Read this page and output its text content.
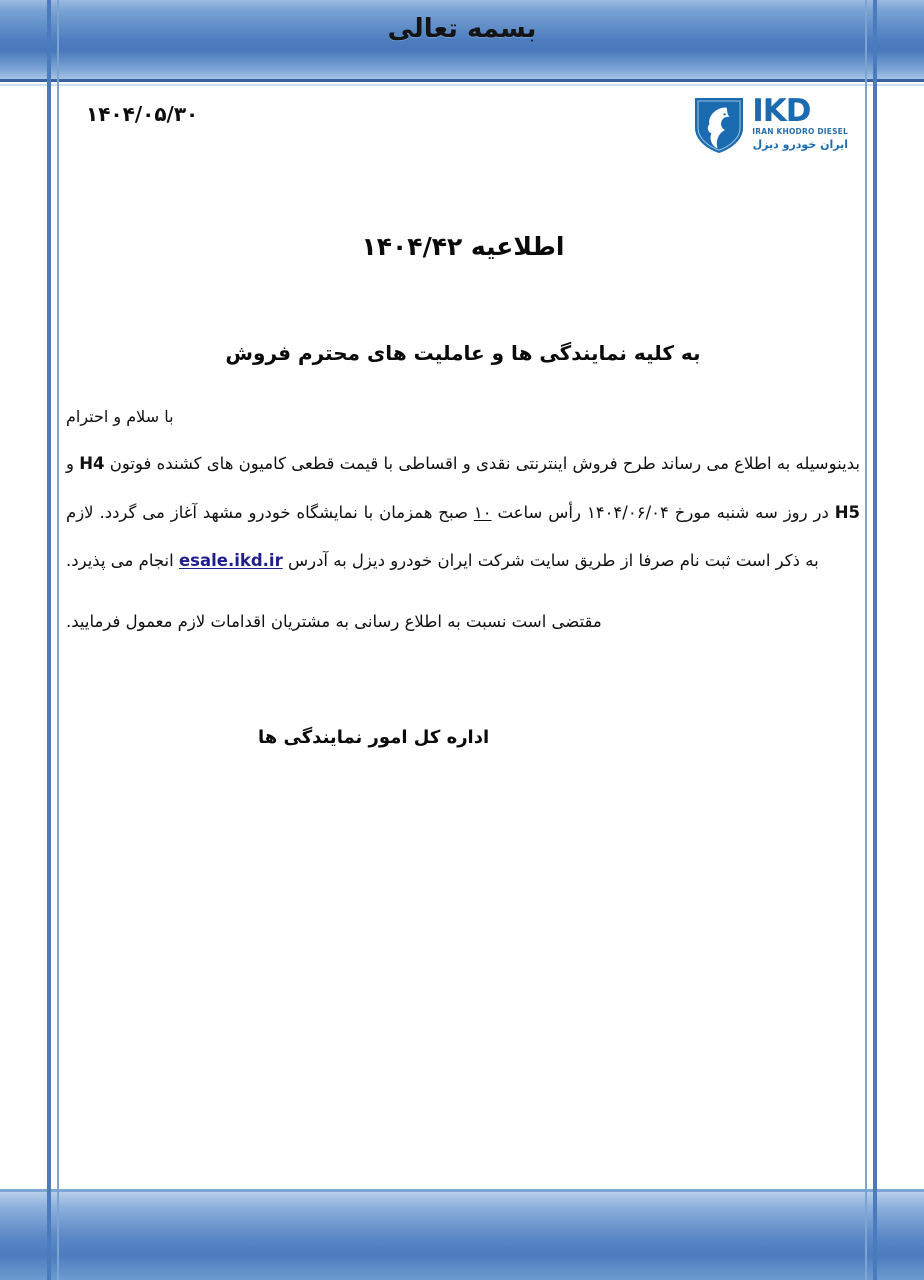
بسمه تعالی
۱۴۰۴/۰۵/۳۰	IKD
IRAN KHODRO DIESEL
ایران خودرو دیزل
اطلاعیه ۱۴۰۴/۴۲
به کلیه نمایندگی ها و عاملیت های محترم فروش

با سلام و احترام

بدینوسیله به اطلاع می رساند طرح فروش اینترنتی نقدی و اقساطی با قیمت قطعی کامیون های کشنده فوتون H4 و H5 در روز سه شنبه مورخ ۱۴۰۴/۰۶/۰۴ رأس ساعت ۱۰ صبح همزمان با نمایشگاه خودرو مشهد آغاز می گردد. لازم به ذکر است ثبت نام صرفا از طریق سایت شرکت ایران خودرو دیزل به آدرس esale.ikd.ir انجام می پذیرد.

مقتضی است نسبت به اطلاع رسانی به مشتریان اقدامات لازم معمول فرمایید.

اداره کل امور نمایندگی ها
